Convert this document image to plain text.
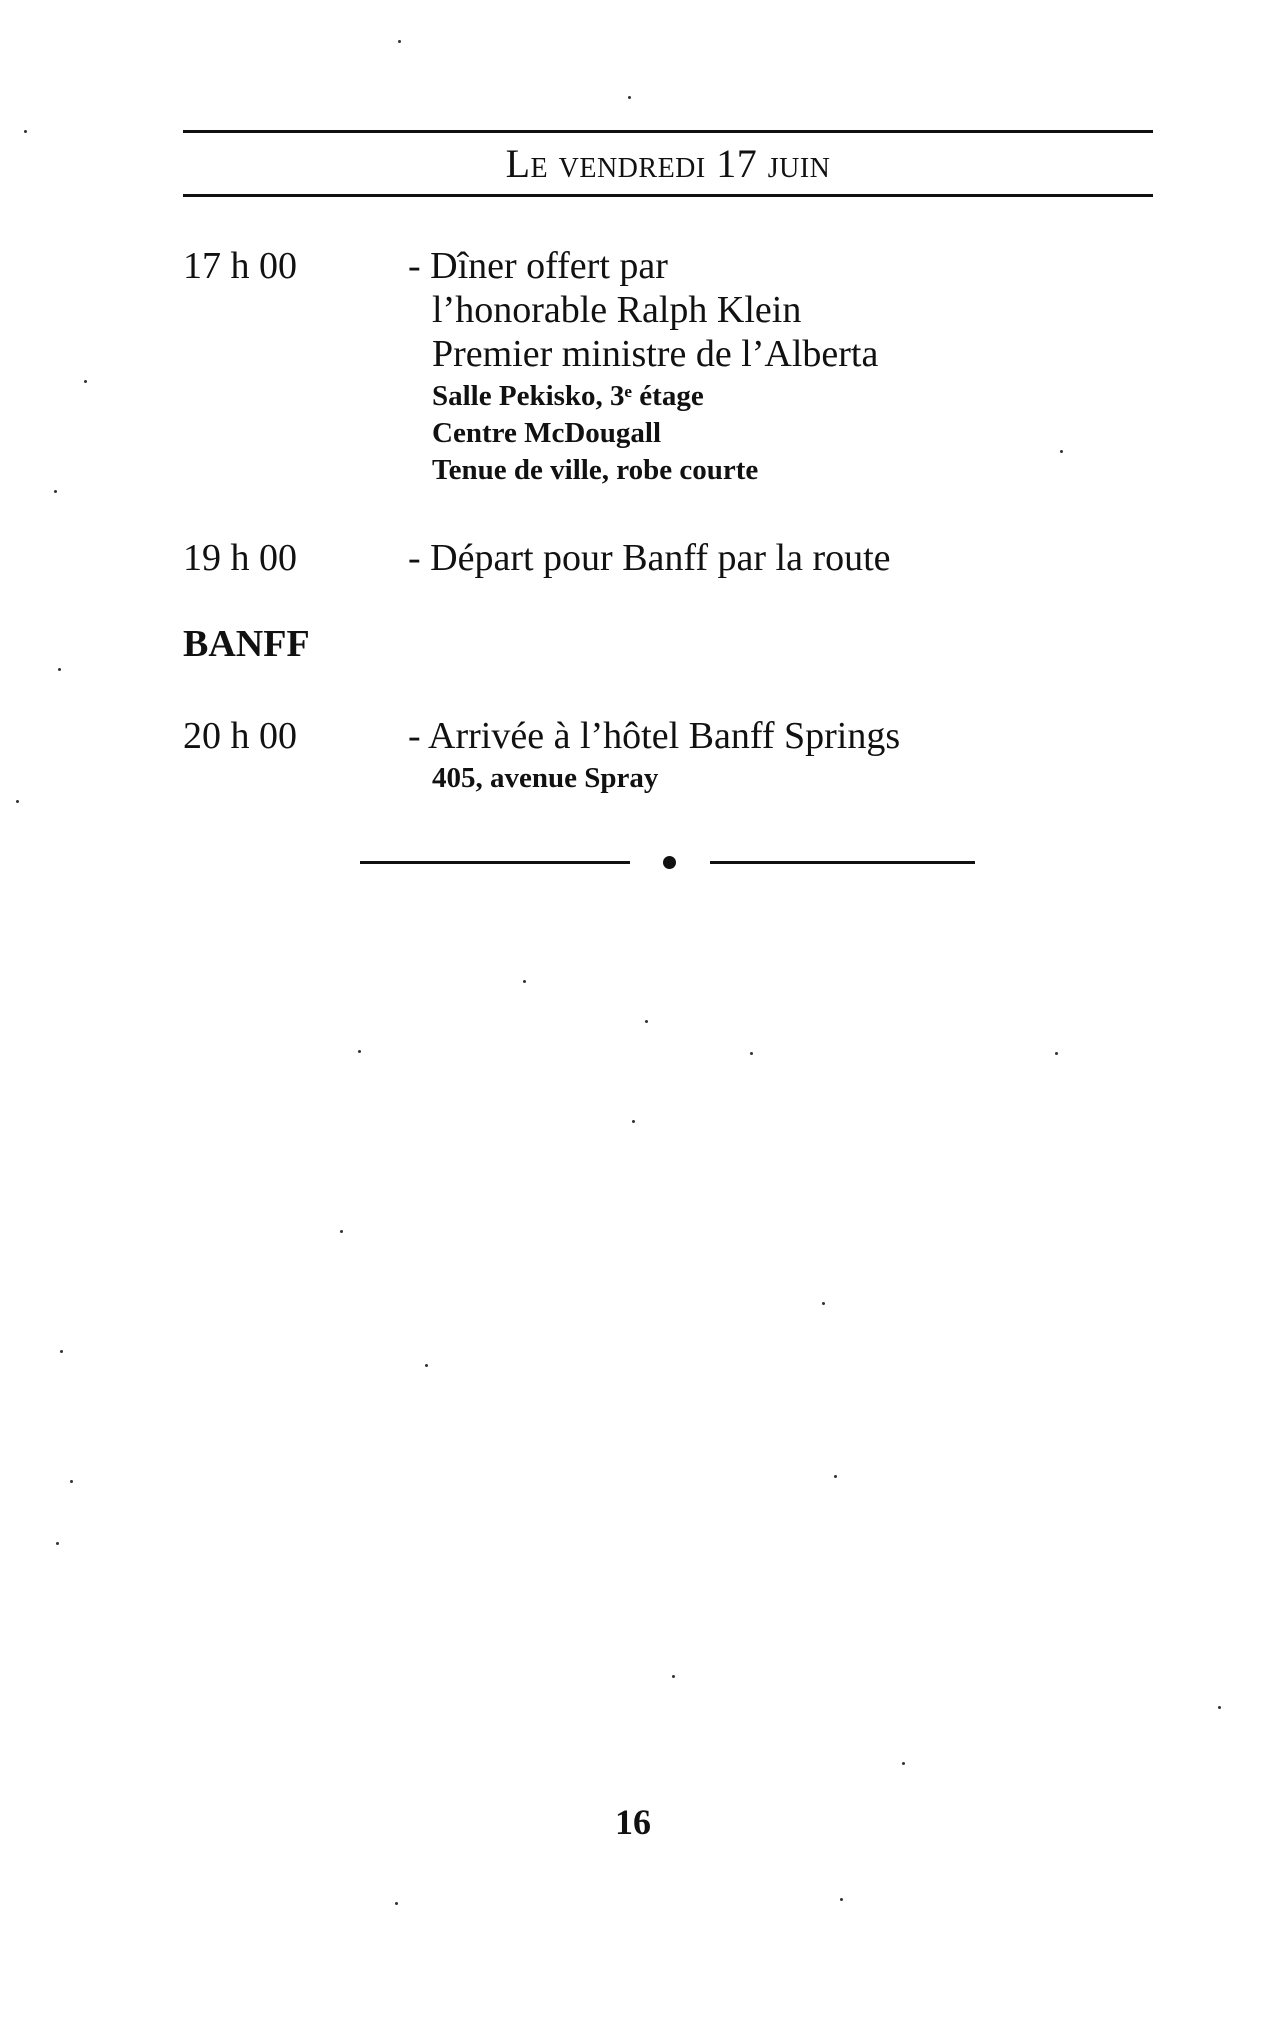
Le vendredi 17 juin
17 h 00	- Dîner offert par
l’honorable Ralph Klein
Premier ministre de l’Alberta
Salle Pekisko, 3ᵉ étage
Centre McDougall
Tenue de ville, robe courte
19 h 00	- Départ pour Banff par la route
BANFF
20 h 00	- Arrivée à l’hôtel Banff Springs
405, avenue Spray
16
